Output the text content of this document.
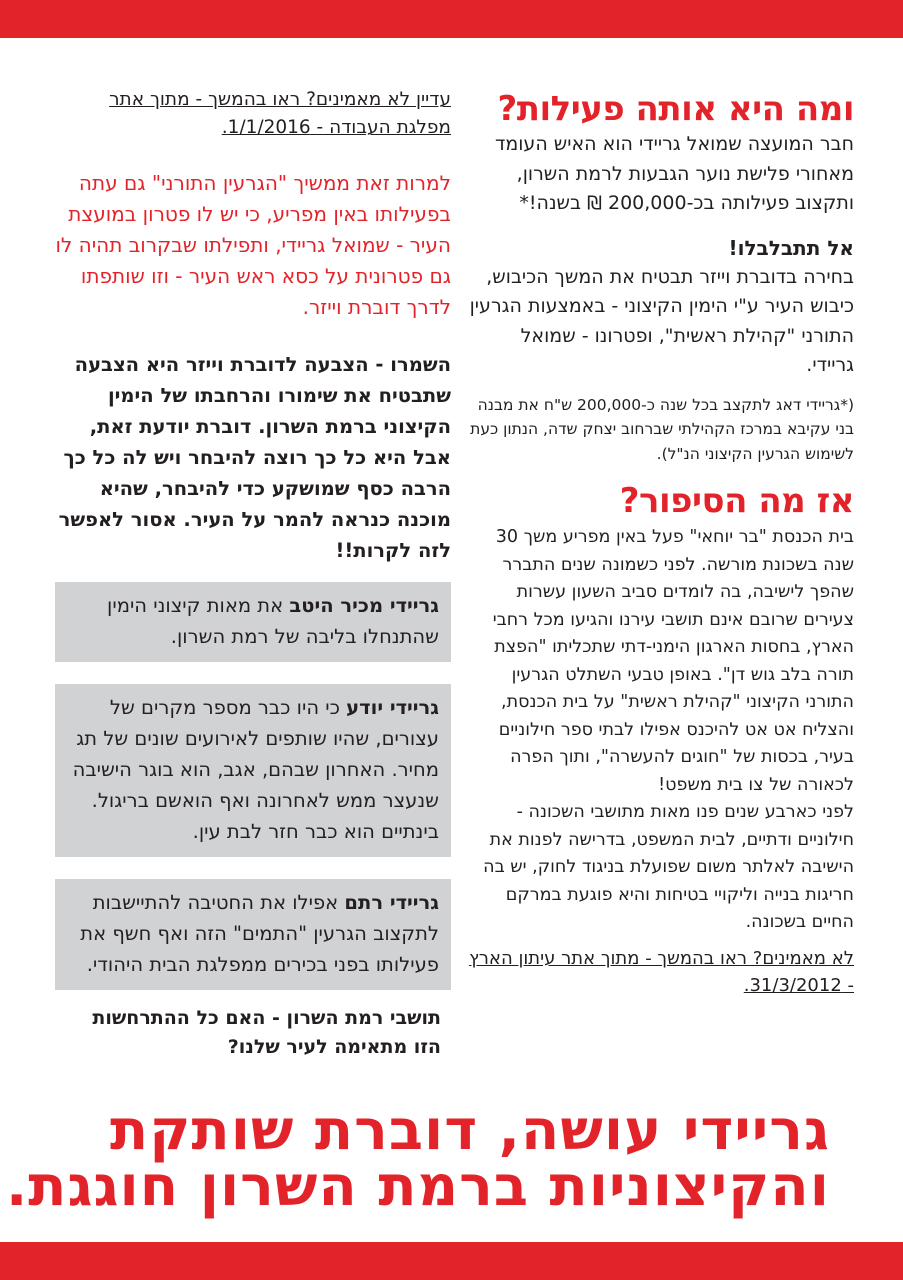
ומה היא אותה פעילות?

חבר המועצה שמואל גריידי הוא האיש העומד מאחורי פלישת נוער הגבעות לרמת השרון, ותקצוב פעילותה בכ-200,000 ₪ בשנה!*

אל תתבלבלו!

בחירה בדוברת וייזר תבטיח את המשך הכיבוש, כיבוש העיר ע"י הימין הקיצוני - באמצעות הגרעין התורני "קהילת ראשית", ופטרונו - שמואל גריידי.

(*גריידי דאג לתקצב בכל שנה כ-200,000 ש"ח את מבנה בני עקיבא במרכז הקהילתי שברחוב יצחק שדה, הנתון כעת לשימוש הגרעין הקיצוני הנ"ל).

אז מה הסיפור?

בית הכנסת "בר יוחאי" פעל באין מפריע משך 30 שנה בשכונת מורשה. לפני כשמונה שנים התברר שהפך לישיבה, בה לומדים סביב השעון עשרות צעירים שרובם אינם תושבי עירנו והגיעו מכל רחבי הארץ, בחסות הארגון הימני-דתי שתכליתו "הפצת תורה בלב גוש דן". באופן טבעי השתלט הגרעין התורני הקיצוני "קהילת ראשית" על בית הכנסת, והצליח אט אט להיכנס אפילו לבתי ספר חילוניים בעיר, בכסות של "חוגים להעשרה", ותוך הפרה לכאורה של צו בית משפט!

לפני כארבע שנים פנו מאות מתושבי השכונה - חילוניים ודתיים, לבית המשפט, בדרישה לפנות את הישיבה לאלתר משום שפועלת בניגוד לחוק, יש בה חריגות בנייה וליקויי בטיחות והיא פוגעת במרקם החיים בשכונה.

לא מאמינים? ראו בהמשך - מתוך אתר עיתון הארץ - 31/3/2012.

עדיין לא מאמינים? ראו בהמשך - מתוך אתר מפלגת העבודה - 1/1/2016.

למרות זאת ממשיך "הגרעין התורני" גם עתה בפעילותו באין מפריע, כי יש לו פטרון במועצת העיר - שמואל גריידי, ותפילתו שבקרוב תהיה לו גם פטרונית על כסא ראש העיר - וזו שותפתו לדרך דוברת וייזר.

השמרו - הצבעה לדוברת וייזר היא הצבעה שתבטיח את שימורו והרחבתו של הימין הקיצוני ברמת השרון. דוברת יודעת זאת, אבל היא כל כך רוצה להיבחר ויש לה כל כך הרבה כסף שמושקע כדי להיבחר, שהיא מוכנה כנראה להמר על העיר. אסור לאפשר לזה לקרות!!

גריידי מכיר היטב את מאות קיצוני הימין שהתנחלו בליבה של רמת השרון.
גריידי יודע כי היו כבר מספר מקרים של עצורים, שהיו שותפים לאירועים שונים של תג מחיר. האחרון שבהם, אגב, הוא בוגר הישיבה שנעצר ממש לאחרונה ואף הואשם בריגול. בינתיים הוא כבר חזר לבת עין.
גריידי רתם אפילו את החטיבה להתיישבות לתקצוב הגרעין "התמים" הזה ואף חשף את פעילותו בפני בכירים ממפלגת הבית היהודי.

תושבי רמת השרון - האם כל ההתרחשות הזו מתאימה לעיר שלנו?

גריידי עושה, דוברת שותקת
והקיצוניות ברמת השרון חוגגת.
